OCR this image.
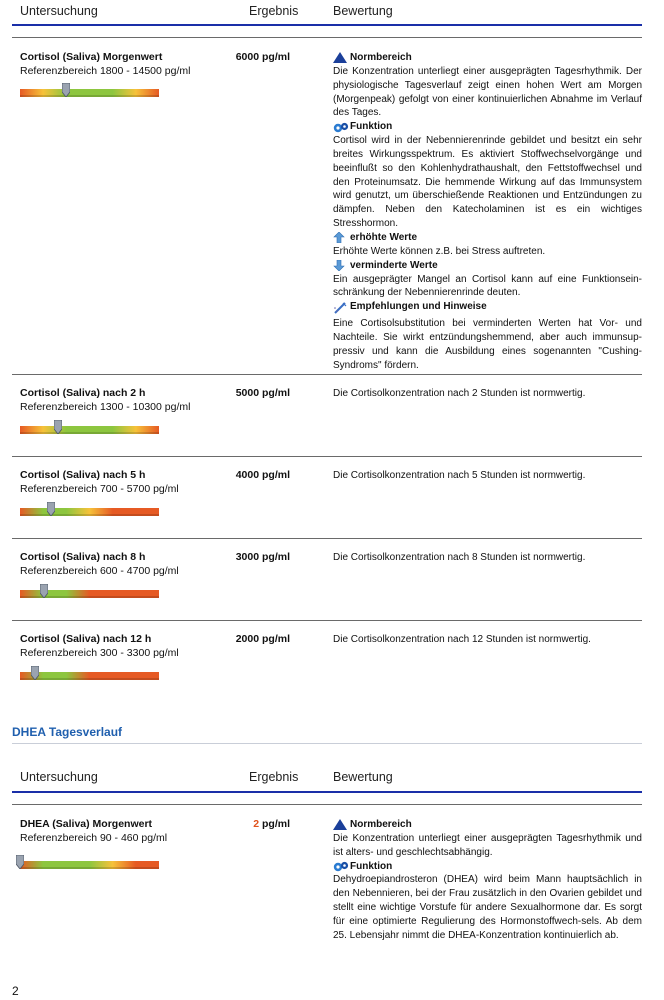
Untersuchung	Ergebnis	Bewertung
Cortisol (Saliva) Morgenwert
Referenzbereich 1800 - 14500 pg/ml
6000 pg/ml	Normbereich

Die Konzentration unterliegt einer ausgeprägten Tagesrhythmik. Der physiologische Tagesverlauf zeigt einen hohen Wert am Morgen (Morgenpeak) gefolgt von einer kontinuierlichen Abnahme im Verlauf des Tages.

Funktion

Cortisol wird in der Nebennierenrinde gebildet und besitzt ein sehr breites Wirkungsspektrum. Es aktiviert Stoffwechselvorgänge und beeinflußt so den Kohlenhydrathaushalt, den Fettstoffwechsel und den Proteinumsatz. Die hemmende Wirkung auf das Immunsystem wird genutzt, um überschießende Reaktionen und Entzündungen zu dämpfen. Neben den Katecholaminen ist es ein wichtiges Stresshormon.

erhöhte Werte

Erhöhte Werte können z.B. bei Stress auftreten.

verminderte Werte

Ein ausgeprägter Mangel an Cortisol kann auf eine Funktionsein-schränkung der Nebennierenrinde deuten.

Empfehlungen und Hinweise

Eine Cortisolsubstitution bei verminderten Werten hat Vor- und Nachteile. Sie wirkt entzündungshemmend, aber auch immunsup-pressiv und kann die Ausbildung eines sogenannten "Cushing-Syndroms" fördern.

Cortisol (Saliva) nach 2 h
Referenzbereich 1300 - 10300 pg/ml
5000 pg/ml	Die Cortisolkonzentration nach 2 Stunden ist normwertig.

Cortisol (Saliva) nach 5 h
Referenzbereich 700 - 5700 pg/ml
4000 pg/ml	Die Cortisolkonzentration nach 5 Stunden ist normwertig.

Cortisol (Saliva) nach 8 h
Referenzbereich 600 - 4700 pg/ml
3000 pg/ml	Die Cortisolkonzentration nach 8 Stunden ist normwertig.

Cortisol (Saliva) nach 12 h
Referenzbereich 300 - 3300 pg/ml
2000 pg/ml	Die Cortisolkonzentration nach 12 Stunden ist normwertig.

DHEA Tagesverlauf
Untersuchung	Ergebnis	Bewertung
DHEA (Saliva) Morgenwert
Referenzbereich 90 - 460 pg/ml
2 pg/ml	Normbereich

Die Konzentration unterliegt einer ausgeprägten Tagesrhythmik und ist alters- und geschlechtsabhängig.

Funktion

Dehydroepiandrosteron (DHEA) wird beim Mann hauptsächlich in den Nebennieren, bei der Frau zusätzlich in den Ovarien gebildet und stellt eine wichtige Vorstufe für andere Sexualhormone dar. Es sorgt für eine optimierte Regulierung des Hormonstoffwech-sels. Ab dem 25. Lebensjahr nimmt die DHEA-Konzentration kontinuierlich ab.

2
